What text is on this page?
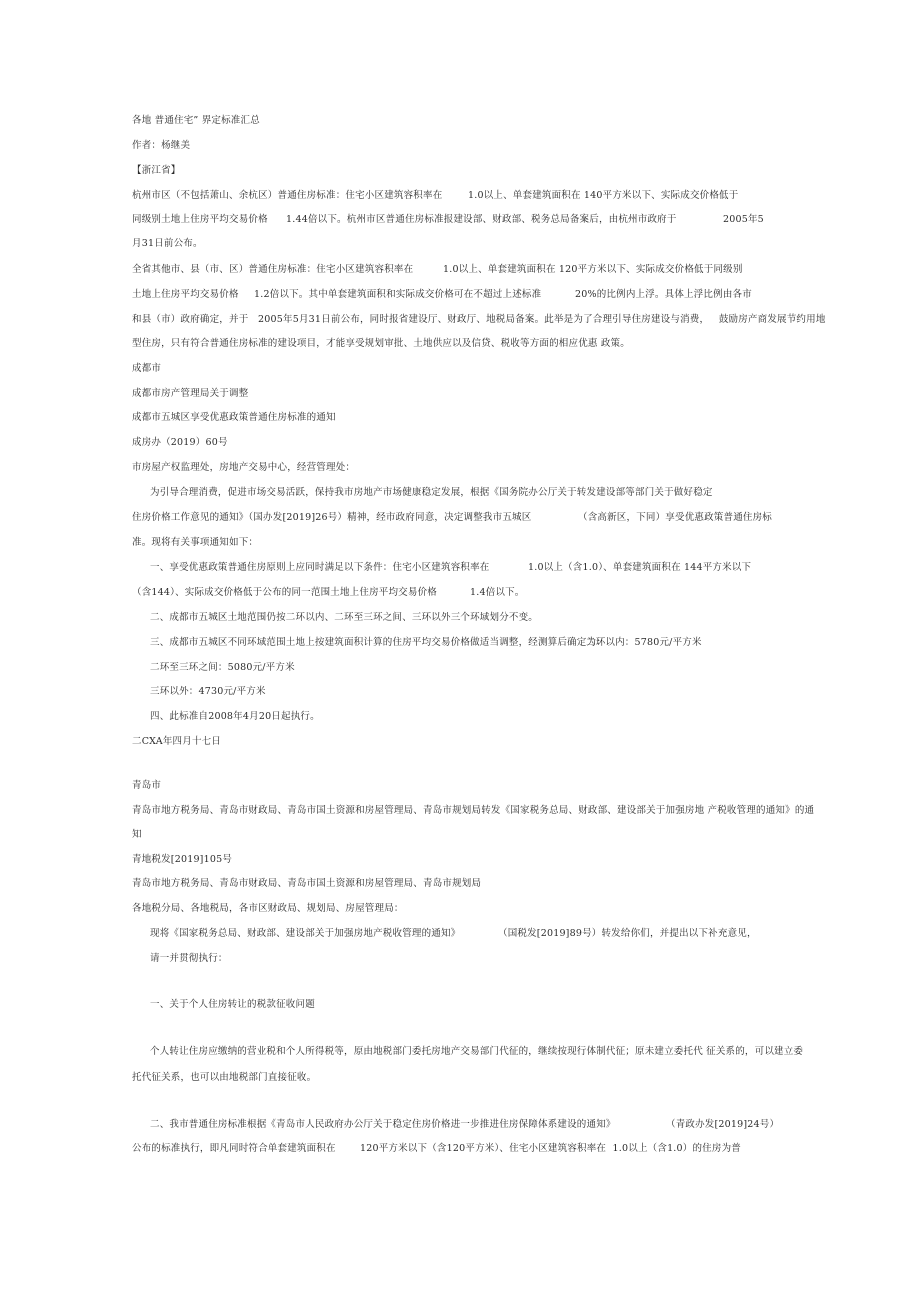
各地 普通住宅” 界定标准汇总
作者：杨继美
【浙江省】
杭州市区（不包括萧山、余杭区）普通住房标准：住宅小区建筑容积率在	1.0以上、单套建筑面积在 140平方米以下、实际成交价格低于
同级别土地上住房平均交易价格 1.44倍以下。杭州市区普通住房标准报建设部、财政部、税务总局备案后，由杭州市政府于	2005年5
月31日前公布。
全省其他市、县（市、区）普通住房标准：住宅小区建筑容积率在	1.0以上、单套建筑面积在 120平方米以下、实际成交价格低于同级别
土地上住房平均交易价格 1.2倍以下。其中单套建筑面积和实际成交价格可在不超过上述标准	20%的比例内上浮。具体上浮比例由各市
和县（市）政府确定，并于   2005年5月31日前公布，同时报省建设厅、财政厅、地税局备案。此举是为了合理引导住房建设与消费，   鼓励房产商发展节约用地
型住房，只有符合普通住房标准的建设项目，才能享受规划审批、土地供应以及信贷、税收等方面的相应优惠 政策。
成都市
成都市房产管理局关于调整
成都市五城区享受优惠政策普通住房标准的通知
成房办（2019）60号
市房屋产权监理处，房地产交易中心，经营管理处：
为引导合理消费，促进市场交易活跃，保持我市房地产市场健康稳定发展，根据《国务院办公厅关于转发建设部等部门关于做好稳定
住房价格工作意见的通知》（国办发[2019]26号）精神，经市政府同意，决定调整我市五城区	（含高新区，下同）享受优惠政策普通住房标
准。现将有关事项通知如下：
一、享受优惠政策普通住房原则上应同时满足以下条件：住宅小区建筑容积率在	1.0以上（含1.0）、单套建筑面积在 144平方米以下
（含144）、实际成交价格低于公布的同一范围土地上住房平均交易价格	1.4倍以下。
二、成都市五城区土地范围仍按二环以内、二环至三环之间、三环以外三个环域划分不变。
三、成都市五城区不同环域范围土地上按建筑面积计算的住房平均交易价格做适当调整，经测算后确定为：
二环以内：5780元/平方米
二环至三环之间：5080元/平方米
三环以外：4730元/平方米
四、此标准自2008年4月20日起执行。
二CXA年四月十七日
青岛市
青岛市地方税务局、青岛市财政局、青岛市国土资源和房屋管理局、青岛市规划局转发《国家税务总局、财政部、建设部关于加强房地 产税收管理的通知》的通
知
青地税发[2019]105号
青岛市地方税务局、青岛市财政局、青岛市国土资源和房屋管理局、青岛市规划局
各地税分局、各地税局，各市区财政局、规划局、房屋管理局：
现将《国家税务总局、财政部、建设部关于加强房地产税收管理的通知》	（国税发[2019]89号）转发给你们，并提出以下补充意见，
请一并贯彻执行：
一、关于个人住房转让的税款征收问题
个人转让住房应缴纳的营业税和个人所得税等，原由地税部门委托房地产交易部门代征的，继续按现行体制代征；原未建立委托代 征关系的，可以建立委
托代征关系，也可以由地税部门直接征收。
二、我市普通住房标准根据《青岛市人民政府办公厅关于稳定住房价格进一步推进住房保障体系建设的通知》	（青政办发[2019]24号）
公布的标准执行，即凡同时符合单套建筑面积在	120平方米以下（含120平方米）、住宅小区建筑容积率在  1.0以上（含1.0）的住房为普
